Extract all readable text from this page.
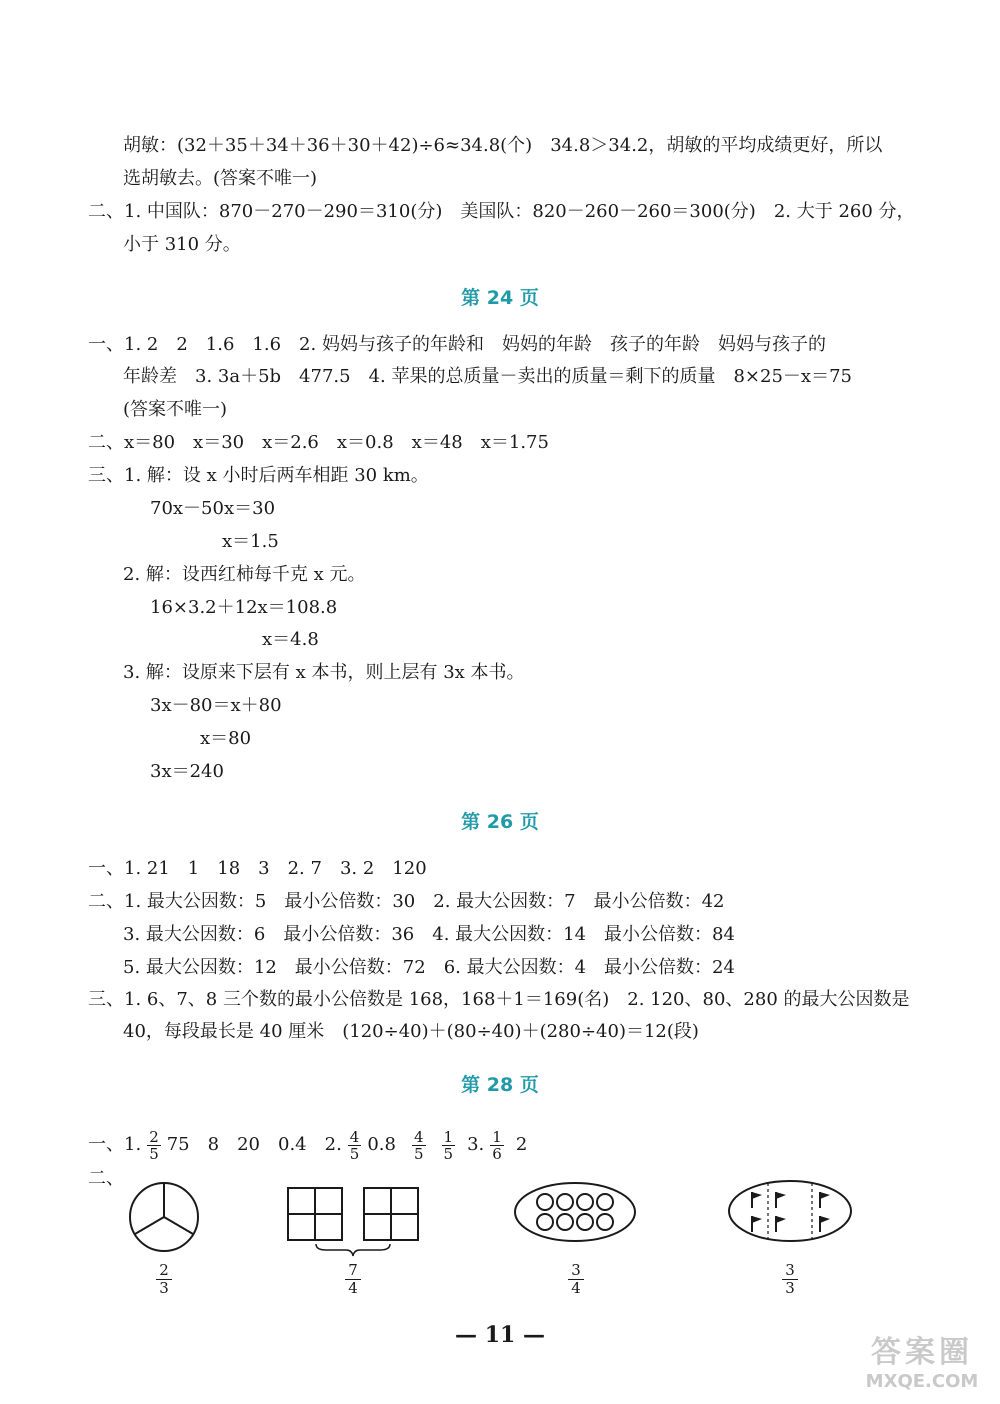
胡敏：(32＋35＋34＋36＋30＋42)÷6≈34.8(个)　34.8＞34.2，胡敏的平均成绩更好，所以
选胡敏去。(答案不唯一)
二、1. 中国队：870－270－290＝310(分)　美国队：820－260－260＝300(分)　2. 大于 260 分，
小于 310 分。
第 24 页
一、1. 2　2　1.6　1.6　2. 妈妈与孩子的年龄和　妈妈的年龄　孩子的年龄　妈妈与孩子的
年龄差　3. 3a＋5b　477.5　4. 苹果的总质量－卖出的质量＝剩下的质量　8×25－x＝75
(答案不唯一)
二、x＝80　x＝30　x＝2.6　x＝0.8　x＝48　x＝1.75
三、1. 解：设 x 小时后两车相距 30 km。
70x－50x＝30
x＝1.5
2. 解：设西红柿每千克 x 元。
16×3.2＋12x＝108.8
x＝4.8
3. 解：设原来下层有 x 本书，则上层有 3x 本书。
3x－80＝x＋80
x＝80
3x＝240
第 26 页
一、1. 21　1　18　3　2. 7　3. 2　120
二、1. 最大公因数：5　最小公倍数：30　2. 最大公因数：7　最小公倍数：42
3. 最大公因数：6　最小公倍数：36　4. 最大公因数：14　最小公倍数：84
5. 最大公因数：12　最小公倍数：72　6. 最大公因数：4　最小公倍数：24
三、1. 6、7、8 三个数的最小公倍数是 168，168＋1＝169(名)　2. 120、80、280 的最大公因数是
40，每段最长是 40 厘米　(120÷40)＋(80÷40)＋(280÷40)＝12(段)
第 28 页
一、1. $\frac{2}{5} 75$　8　20　0.4　2. $\frac{4}{5} 0.8 \frac{4}{5} \frac{1}{5} 3$. $\frac{1}{6} 2$
二、
$\frac{2}{3}$	$\frac{7}{4}$	$\frac{3}{4}$	$\frac{3}{3}$
— 11 —	答案圈
MXQE.COM
